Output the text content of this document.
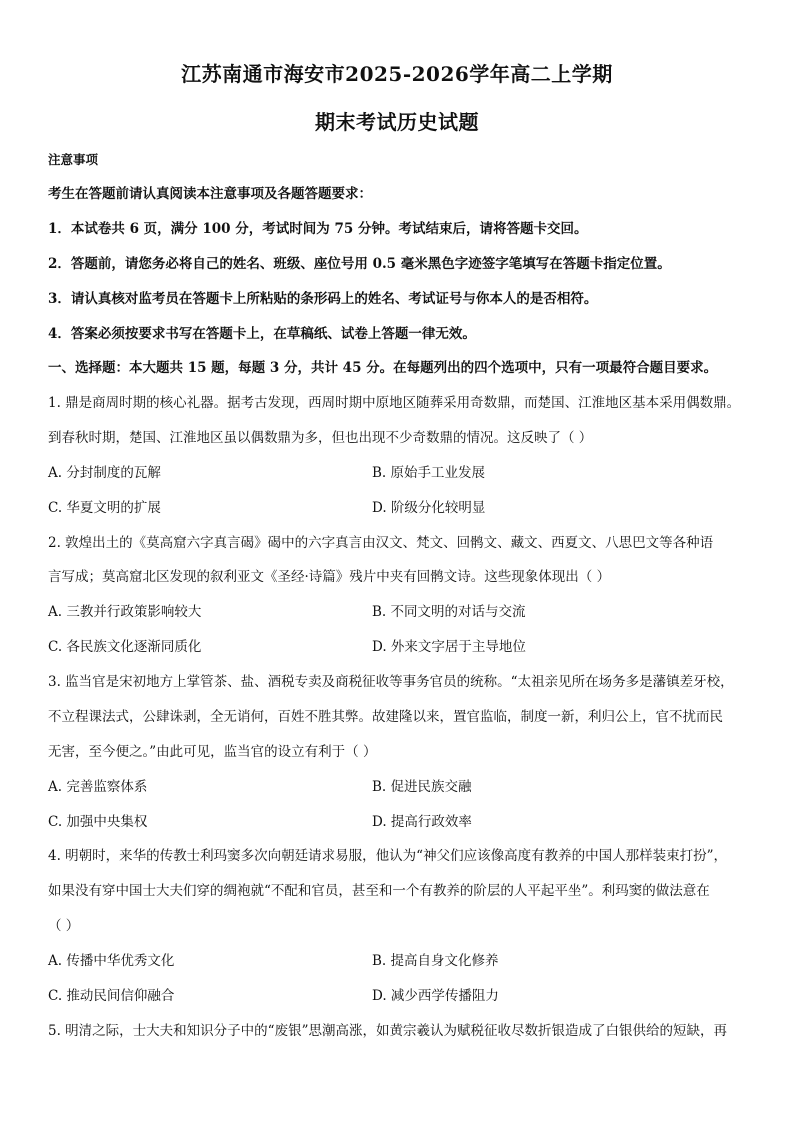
江苏南通市海安市2025-2026学年高二上学期
期末考试历史试题
注意事项
考生在答题前请认真阅读本注意事项及各题答题要求：
1．本试卷共 6 页，满分 100 分，考试时间为 75 分钟。考试结束后，请将答题卡交回。
2．答题前，请您务必将自己的姓名、班级、座位号用 0.5 毫米黑色字迹签字笔填写在答题卡指定位置。
3．请认真核对监考员在答题卡上所粘贴的条形码上的姓名、考试证号与你本人的是否相符。
4．答案必须按要求书写在答题卡上，在草稿纸、试卷上答题一律无效。
一、选择题：本大题共 15 题，每题 3 分，共计 45 分。在每题列出的四个选项中，只有一项最符合题目要求。
1. 鼎是商周时期的核心礼器。据考古发现，西周时期中原地区随葬采用奇数鼎，而楚国、江淮地区基本采用偶数鼎。
到春秋时期，楚国、江淮地区虽以偶数鼎为多，但也出现不少奇数鼎的情况。这反映了（ ）
A. 分封制度的瓦解	B. 原始手工业发展
C. 华夏文明的扩展	D. 阶级分化较明显
2. 敦煌出土的《莫高窟六字真言碣》碣中的六字真言由汉文、梵文、回鹘文、藏文、西夏文、八思巴文等各种语
言写成；莫高窟北区发现的叙利亚文《圣经·诗篇》残片中夹有回鹘文诗。这些现象体现出（ ）
A. 三教并行政策影响较大	B. 不同文明的对话与交流
C. 各民族文化逐渐同质化	D. 外来文字居于主导地位
3. 监当官是宋初地方上掌管茶、盐、酒税专卖及商税征收等事务官员的统称。“太祖亲见所在场务多是藩镇差牙校，
不立程课法式，公肆诛剥，全无诮何，百姓不胜其弊。故建隆以来，置官监临，制度一新，利归公上，官不扰而民
无害，至今便之。”由此可见，监当官的设立有利于（ ）
A. 完善监察体系	B. 促进民族交融
C. 加强中央集权	D. 提高行政效率
4. 明朝时，来华的传教士利玛窦多次向朝廷请求易服，他认为“神父们应该像高度有教养的中国人那样装束打扮”，
如果没有穿中国士大夫们穿的绸袍就“不配和官员，甚至和一个有教养的阶层的人平起平坐”。利玛窦的做法意在
（ ）
A. 传播中华优秀文化	B. 提高自身文化修养
C. 推动民间信仰融合	D. 减少西学传播阻力
5. 明清之际，士大夫和知识分子中的“废银”思潮高涨，如黄宗羲认为赋税征收尽数折银造成了白银供给的短缺，再
